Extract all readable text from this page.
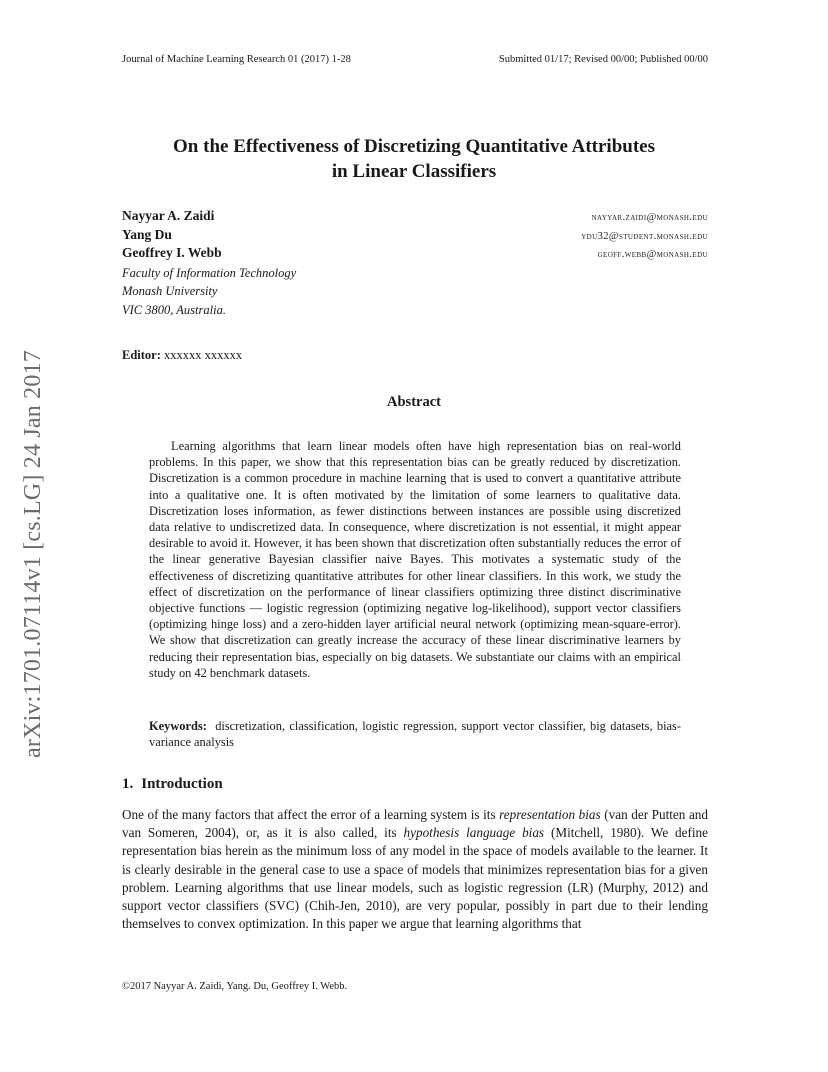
Journal of Machine Learning Research 01 (2017) 1-28	Submitted 01/17; Revised 00/00; Published 00/00
arXiv:1701.07114v1 [cs.LG] 24 Jan 2017
On the Effectiveness of Discretizing Quantitative Attributes
in Linear Classifiers
Nayyar A. Zaidi	nayyar.zaidi@monash.edu
Yang Du	ydu32@student.monash.edu
Geoffrey I. Webb	geoff.webb@monash.edu
Faculty of Information Technology
Monash University
VIC 3800, Australia.
Editor: xxxxxx xxxxxx
Abstract
Learning algorithms that learn linear models often have high representation bias on real-world problems. In this paper, we show that this representation bias can be greatly reduced by discretization. Discretization is a common procedure in machine learning that is used to convert a quantitative attribute into a qualitative one. It is often motivated by the limitation of some learners to qualitative data. Discretization loses information, as fewer distinctions between instances are possible using discretized data relative to undiscretized data. In consequence, where discretization is not essential, it might appear desirable to avoid it. However, it has been shown that discretization often substantially reduces the error of the linear generative Bayesian classifier naive Bayes. This motivates a systematic study of the effectiveness of discretizing quantitative attributes for other linear classifiers. In this work, we study the effect of discretization on the performance of linear classifiers optimizing three distinct discriminative objective functions — logistic regression (optimizing negative log-likelihood), support vector classifiers (optimizing hinge loss) and a zero-hidden layer artificial neural network (optimizing mean-square-error). We show that discretization can greatly increase the accuracy of these linear discriminative learners by reducing their representation bias, especially on big datasets. We substantiate our claims with an empirical study on 42 benchmark datasets.
Keywords: discretization, classification, logistic regression, support vector classifier, big datasets, bias-variance analysis
1. Introduction
One of the many factors that affect the error of a learning system is its representation bias (van der Putten and van Someren, 2004), or, as it is also called, its hypothesis language bias (Mitchell, 1980). We define representation bias herein as the minimum loss of any model in the space of models available to the learner. It is clearly desirable in the general case to use a space of models that minimizes representation bias for a given problem. Learning algorithms that use linear models, such as logistic regression (LR) (Murphy, 2012) and support vector classifiers (SVC) (Chih-Jen, 2010), are very popular, possibly in part due to their lending themselves to convex optimization. In this paper we argue that learning algorithms that
©2017 Nayyar A. Zaidi, Yang. Du, Geoffrey I. Webb.
